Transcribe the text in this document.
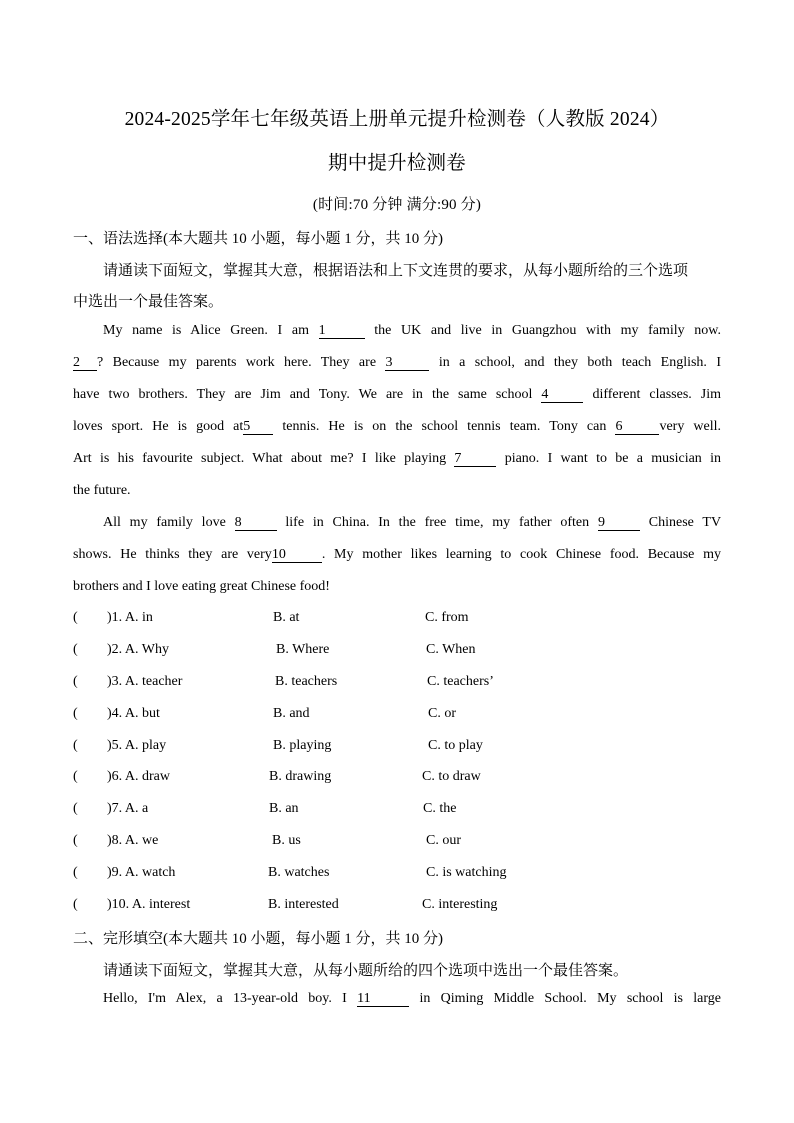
2024-2025学年七年级英语上册单元提升检测卷（人教版 2024）
期中提升检测卷
(时间:70 分钟 满分:90 分)
一、语法选择(本大题共 10 小题，每小题 1 分，共 10 分)
请通读下面短文，掌握其大意，根据语法和上下文连贯的要求，从每小题所给的三个选项
中选出一个最佳答案。
My name is Alice Green. I am 1	the UK and live in Guangzhou with my family now.
2 ? Because my parents work here. They are 3	in a school, and they both teach English. I
have two brothers. They are Jim and Tony. We are in the same school 4	different classes. Jim
loves sport. He is good at5 tennis. He is on the school tennis team. Tony can 6	very well.
Art is his favourite subject. What about me? I like playing 7	piano. I want to be a musician in
the future.
All my family love 8	life in China. In the free time, my father often 9	Chinese TV
shows. He thinks they are very10	. My mother likes learning to cook Chinese food. Because my
brothers and I love eating great Chinese food!
( )1. A. in	B. at	C. from
( )2. A. Why	B. Where	C. When
( )3. A. teacher	B. teachers	C. teachers’
( )4. A. but	B. and	C. or
( )5. A. play	B. playing	C. to play
( )6. A. draw	B. drawing	C. to draw
( )7. A. a	B. an	C. the
( )8. A. we	B. us	C. our
( )9. A. watch	B. watches	C. is watching
( )10. A. interest	B. interested	C. interesting
二、完形填空(本大题共 10 小题，每小题 1 分，共 10 分)
请通读下面短文，掌握其大意，从每小题所给的四个选项中选出一个最佳答案。
Hello, I'm Alex, a 13-year-old boy. I 11	in Qiming Middle School. My school is large
